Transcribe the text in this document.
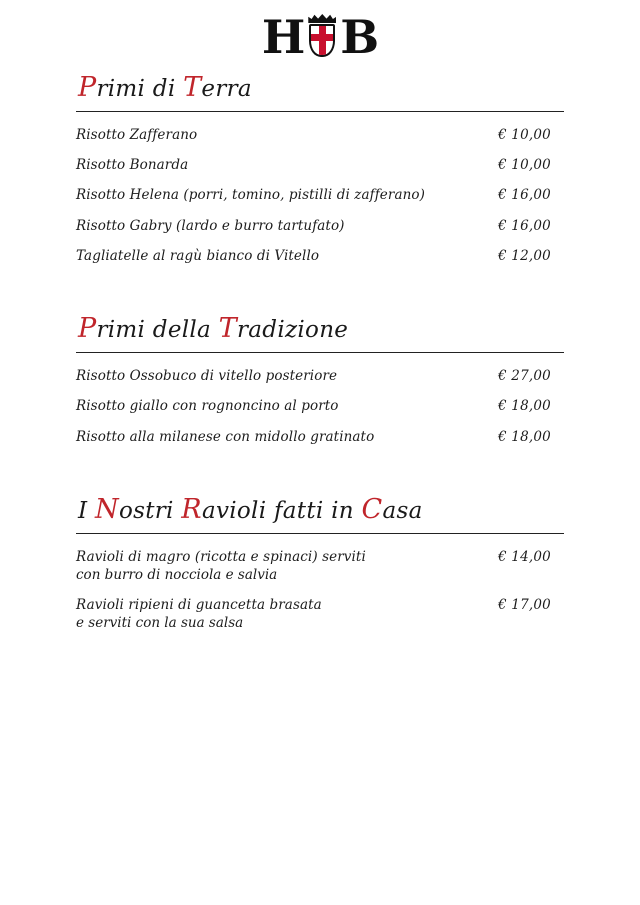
H B
Primi di Terra
Risotto Zafferano	€ 10,00
Risotto Bonarda	€ 10,00
Risotto Helena (porri, tomino, pistilli di zafferano)	€ 16,00
Risotto Gabry (lardo e burro tartufato)	€ 16,00
Tagliatelle al ragù bianco di Vitello	€ 12,00
Primi della Tradizione
Risotto Ossobuco di vitello posteriore	€ 27,00
Risotto giallo con rognoncino al porto	€ 18,00
Risotto alla milanese con midollo gratinato	€ 18,00
I Nostri Ravioli fatti in Casa
Ravioli di magro (ricotta e spinaci) serviti	€ 14,00
con burro di nocciola e salvia
Ravioli ripieni di guancetta brasata	€ 17,00
e serviti con la sua salsa
